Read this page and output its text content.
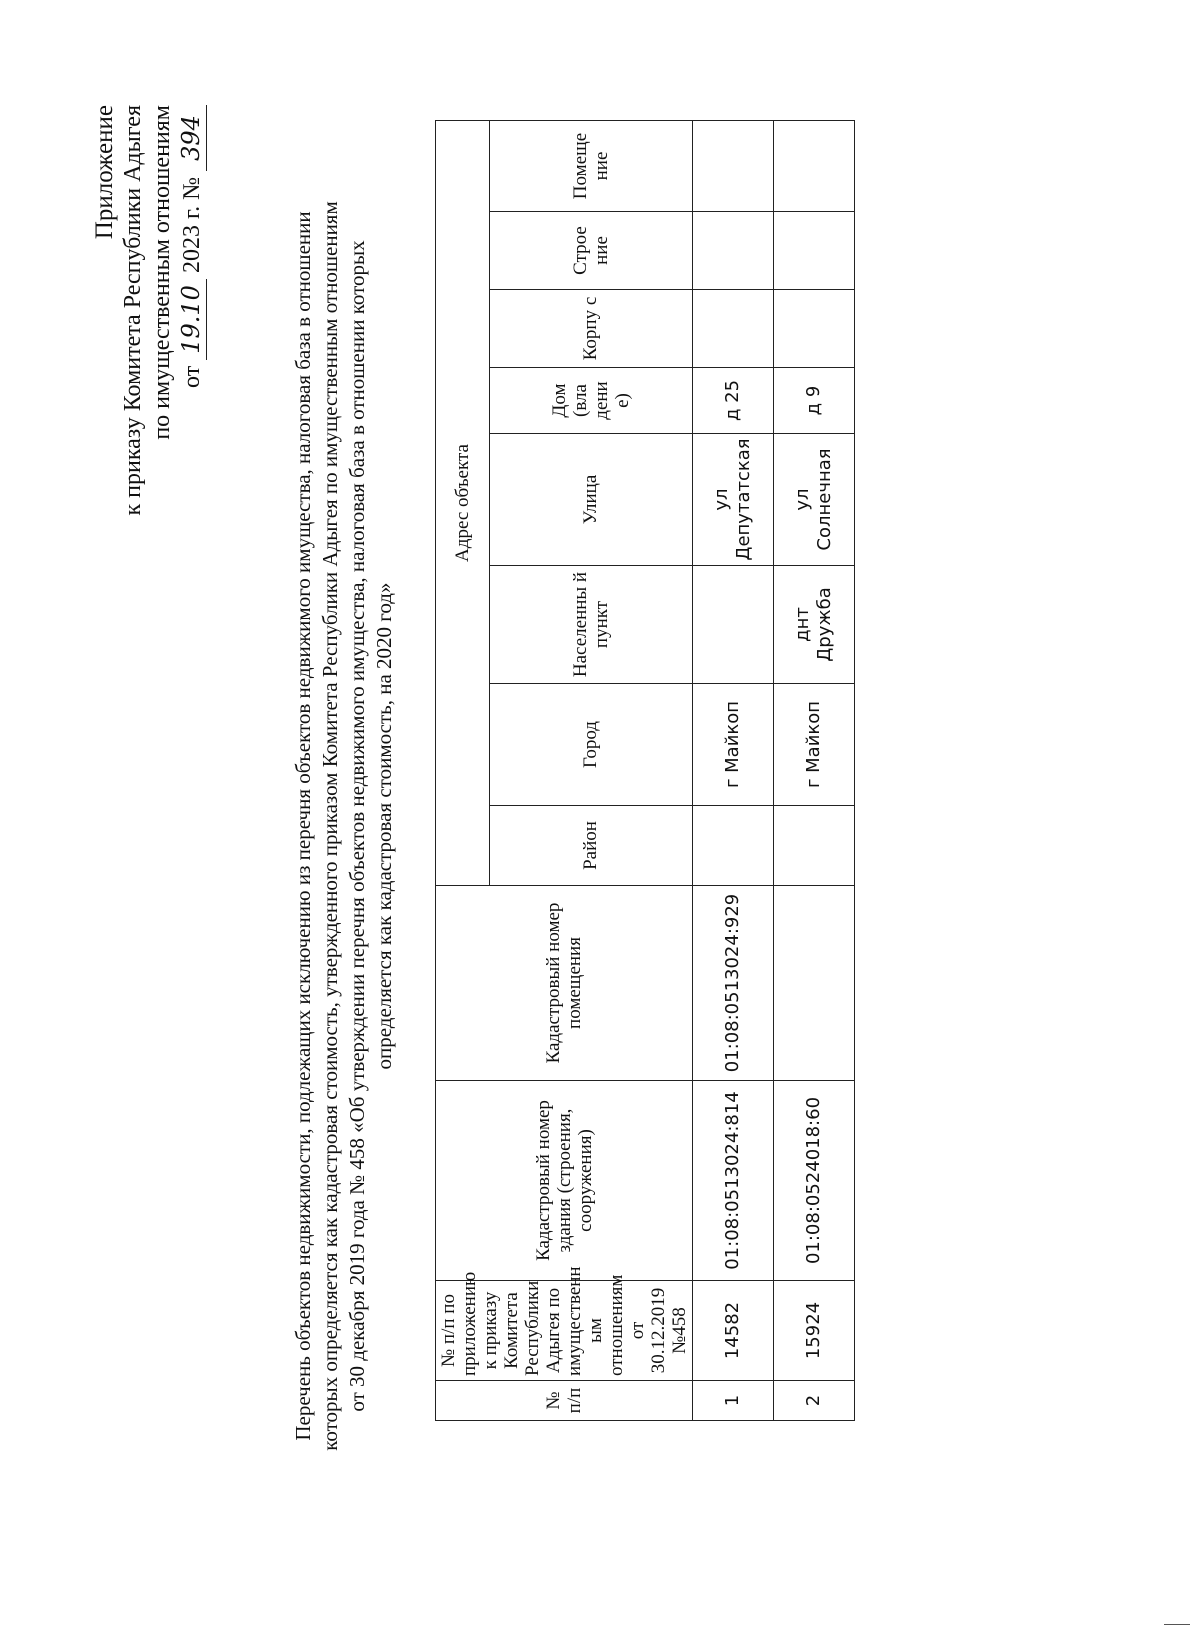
Приложение к приказу Комитета Республики Адыгея по имущественным отношениям от 19.10 2023 г. № 394
Перечень объектов недвижимости, подлежащих исключению из перечня объектов недвижимого имущества, налоговая база в отношении которых определяется как кадастровая стоимость, утвержденного приказом Комитета Республики Адыгея по имущественным отношениям от 30 декабря 2019 года № 458 «Об утверждении перечня объектов недвижимого имущества, налоговая база в отношении которых определяется как кадастровая стоимость, на 2020 год»
№ п/п	№ п/п по приложению к приказу Комитета Республики Адыгея по имущественн ым отношениям от 30.12.2019 №458	Кадастровый номер здания (строения, сооружения)	Кадастровый номер помещения	Адрес объекта							
				Район	Город	Населенны й пункт	Улица	Дом (вла дени е)	Корпу с	Строе ние	Помеще ние
1	14582	01:08:0513024:814	01:08:0513024:929		г Майкоп		ул Депутатская	д 25			
2	15924	01:08:0524018:60			г Майкоп	днт Дружба	ул Солнечная	д 9			
